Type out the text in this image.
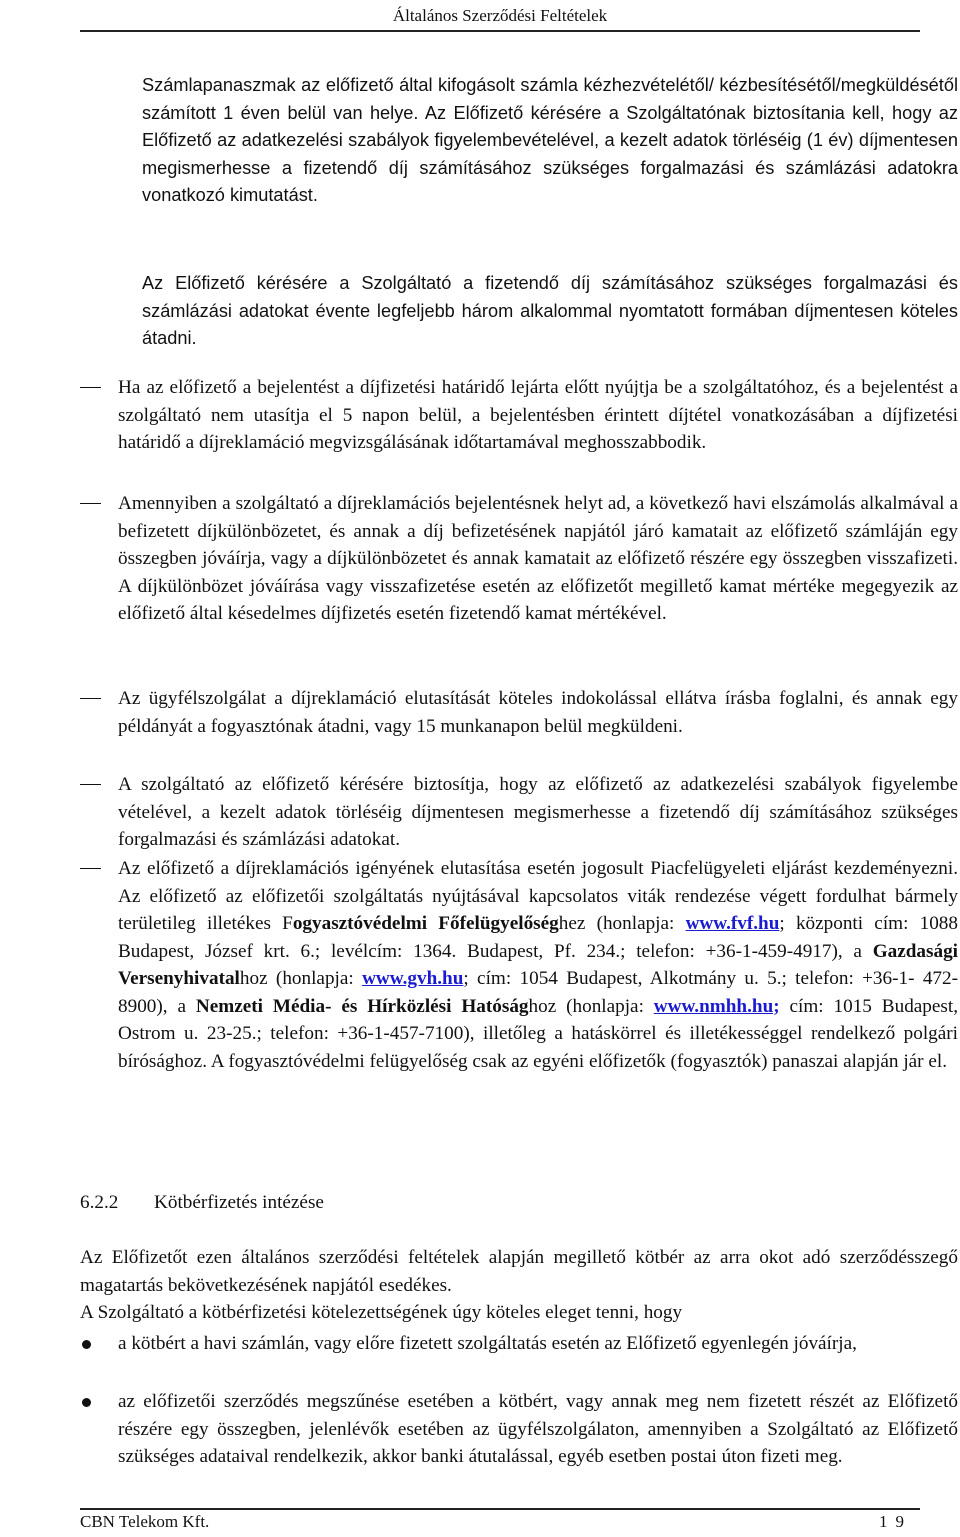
Általános Szerződési Feltételek
Számlapanaszmak az előfizető által kifogásolt számla kézhezvételétől/ kézbesítésétől/megküldésétől számított 1 éven belül van helye. Az Előfizető kérésére a Szolgáltatónak biztosítania kell, hogy az Előfizető az adatkezelési szabályok figyelembevételével, a kezelt adatok törléséig (1 év) díjmentesen megismerhesse a fizetendő díj számításához szükséges forgalmazási és számlázási adatokra vonatkozó kimutatást.
Az Előfizető kérésére a Szolgáltató a fizetendő díj számításához szükséges forgalmazási és számlázási adatokat évente legfeljebb három alkalommal nyomtatott formában díjmentesen köteles átadni.
Ha az előfizető a bejelentést a díjfizetési határidő lejárta előtt nyújtja be a szolgáltatóhoz, és a bejelentést a szolgáltató nem utasítja el 5 napon belül, a bejelentésben érintett díjtétel vonatkozásában a díjfizetési határidő a díjreklamáció megvizsgálásának időtartamával meghosszabbodik.
Amennyiben a szolgáltató a díjreklamációs bejelentésnek helyt ad, a következő havi elszámolás alkalmával a befizetett díjkülönbözetet, és annak a díj befizetésének napjától járó kamatait az előfizető számláján egy összegben jóváírja, vagy a díjkülönbözetet és annak kamatait az előfizető részére egy összegben visszafizeti. A díjkülönbözet jóváírása vagy visszafizetése esetén az előfizetőt megillető kamat mértéke megegyezik az előfizető által késedelmes díjfizetés esetén fizetendő kamat mértékével.
Az ügyfélszolgálat a díjreklamáció elutasítását köteles indokolással ellátva írásba foglalni, és annak egy példányát a fogyasztónak átadni, vagy 15 munkanapon belül megküldeni.
A szolgáltató az előfizető kérésére biztosítja, hogy az előfizető az adatkezelési szabályok figyelembe vételével, a kezelt adatok törléséig díjmentesen megismerhesse a fizetendő díj számításához szükséges forgalmazási és számlázási adatokat.
Az előfizető a díjreklamációs igényének elutasítása esetén jogosult Piacfelügyeleti eljárást kezdeményezni. Az előfizető az előfizetői szolgáltatás nyújtásával kapcsolatos viták rendezése végett fordulhat bármely területileg illetékes Fogyasztóvédelmi Főfelügyelőséghez (honlapja: www.fvf.hu; központi cím: 1088 Budapest, József krt. 6.; levélcím: 1364. Budapest, Pf. 234.; telefon: +36-1-459-4917), a Gazdasági Versenyhivatalhoz (honlapja: www.gvh.hu; cím: 1054 Budapest, Alkotmány u. 5.; telefon: +36-1- 472-8900), a Nemzeti Média- és Hírközlési Hatósághoz (honlapja: www.nmhh.hu; cím: 1015 Budapest, Ostrom u. 23-25.; telefon: +36-1-457-7100), illetőleg a hatáskörrel és illetékességgel rendelkező polgári bírósághoz. A fogyasztóvédelmi felügyelőség csak az egyéni előfizetők (fogyasztók) panaszai alapján jár el.
6.2.2 Kötbérfizetés intézése
Az Előfizetőt ezen általános szerződési feltételek alapján megillető kötbér az arra okot adó szerződésszegő magatartás bekövetkezésének napjától esedékes.
A Szolgáltató a kötbérfizetési kötelezettségének úgy köteles eleget tenni, hogy
a kötbért a havi számlán, vagy előre fizetett szolgáltatás esetén az Előfizető egyenlegén jóváírja,
az előfizetői szerződés megszűnése esetében a kötbért, vagy annak meg nem fizetett részét az Előfizető részére egy összegben, jelenlévők esetében az ügyfélszolgálaton, amennyiben a Szolgáltató az Előfizető szükséges adataival rendelkezik, akkor banki átutalással, egyéb esetben postai úton fizeti meg.
CBN Telekom Kft.	19
